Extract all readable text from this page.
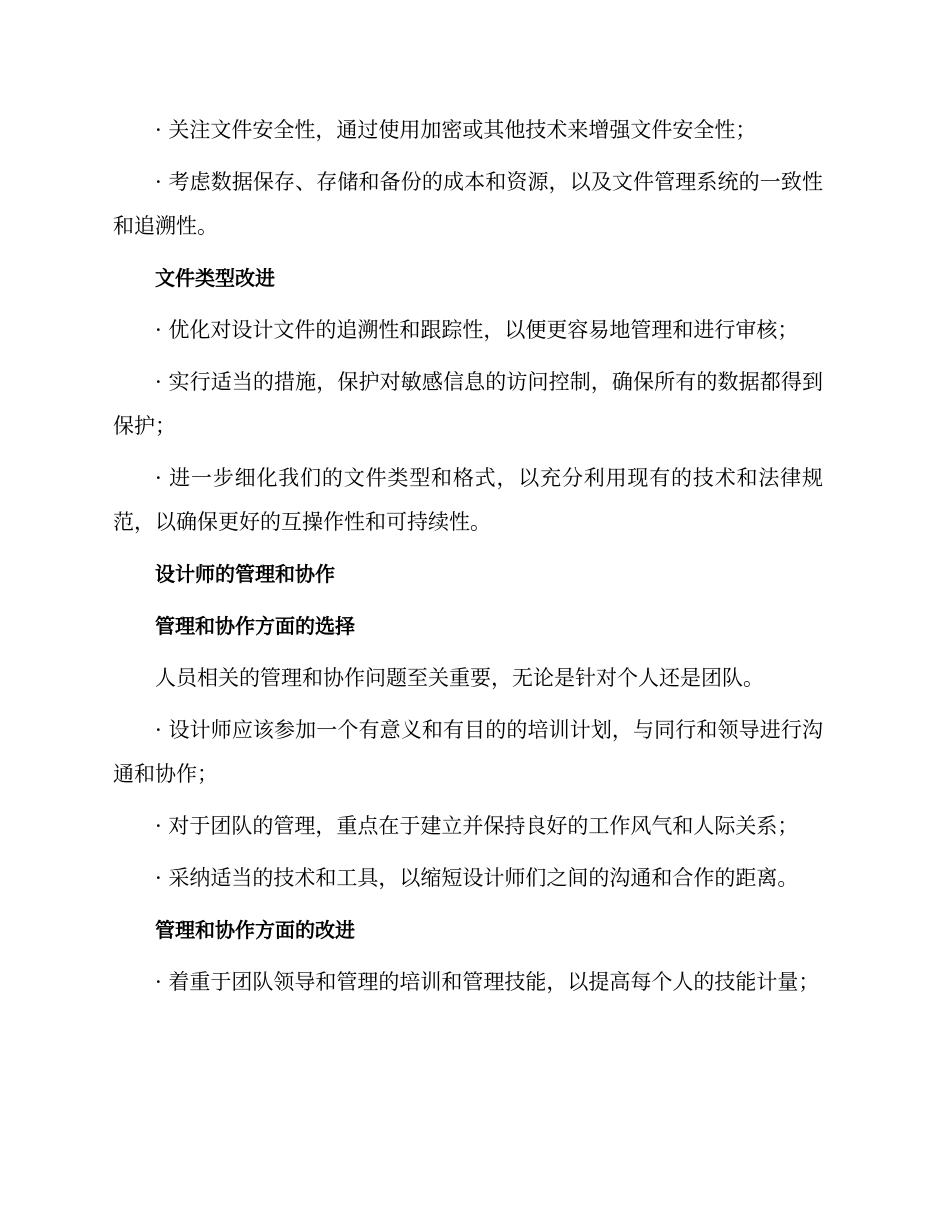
· 关注文件安全性，通过使用加密或其他技术来增强文件安全性；

· 考虑数据保存、存储和备份的成本和资源，以及文件管理系统的一致性和追溯性。

文件类型改进

· 优化对设计文件的追溯性和跟踪性，以便更容易地管理和进行审核；

· 实行适当的措施，保护对敏感信息的访问控制，确保所有的数据都得到保护；

· 进一步细化我们的文件类型和格式，以充分利用现有的技术和法律规范，以确保更好的互操作性和可持续性。

设计师的管理和协作

管理和协作方面的选择

人员相关的管理和协作问题至关重要，无论是针对个人还是团队。

· 设计师应该参加一个有意义和有目的的培训计划，与同行和领导进行沟通和协作；

· 对于团队的管理，重点在于建立并保持良好的工作风气和人际关系；

· 采纳适当的技术和工具，以缩短设计师们之间的沟通和合作的距离。

管理和协作方面的改进

· 着重于团队领导和管理的培训和管理技能，以提高每个人的技能计量；
